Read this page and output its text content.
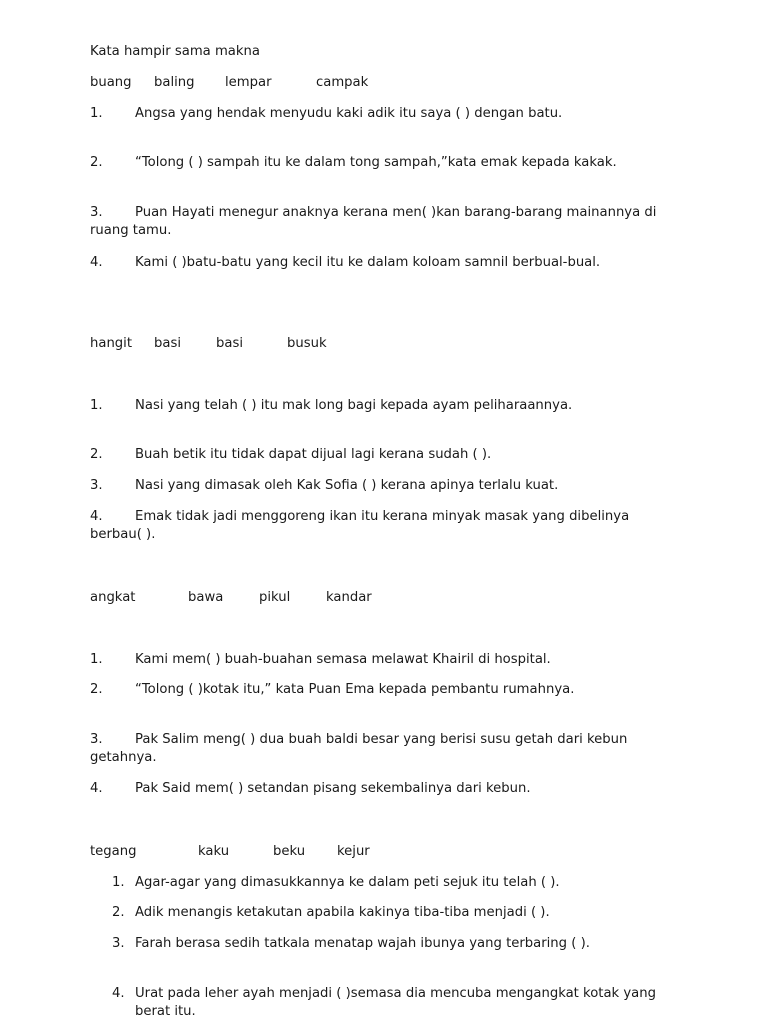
Kata hampir sama makna

buang

baling

lempar

	campak

1.	Angsa yang hendak menyudu kaki adik itu saya ( ) dengan batu.
2.	“Tolong ( ) sampah itu ke dalam tong sampah,”kata emak kepada kakak.
3.	Puan Hayati menegur anaknya kerana men( )kan barang-barang mainannya di ruang tamu.
4.	Kami ( )batu-batu yang kecil itu ke dalam koloam samnil berbual-bual.

hangit

basi

	basi

	busuk

1.	Nasi yang telah ( ) itu mak long bagi kepada ayam peliharaannya.
2.	Buah betik itu tidak dapat dijual lagi kerana sudah ( ).
3.	Nasi yang dimasak oleh Kak Sofia ( ) kerana apinya terlalu kuat.
4.	Emak tidak jadi menggoreng ikan itu kerana minyak masak yang dibelinya berbau( ).

angkat

	bawa

	pikul

	kandar

1.	Kami mem( ) buah-buahan semasa melawat Khairil di hospital.
2.	“Tolong ( )kotak itu,” kata Puan Ema kepada pembantu rumahnya.
3.	Pak Salim meng( ) dua buah baldi besar yang berisi susu getah dari kebun getahnya.
4.	Pak Said mem( ) setandan pisang sekembalinya dari kebun.

tegang

	kaku

	beku

kejur

1. Agar-agar yang dimasukkannya ke dalam peti sejuk itu telah ( ).
2. Adik menangis ketakutan apabila kakinya tiba-tiba menjadi ( ).
3. Farah berasa sedih tatkala menatap wajah ibunya yang terbaring ( ).
4. Urat pada leher ayah menjadi ( )semasa dia mencuba mengangkat kotak yang berat itu.
